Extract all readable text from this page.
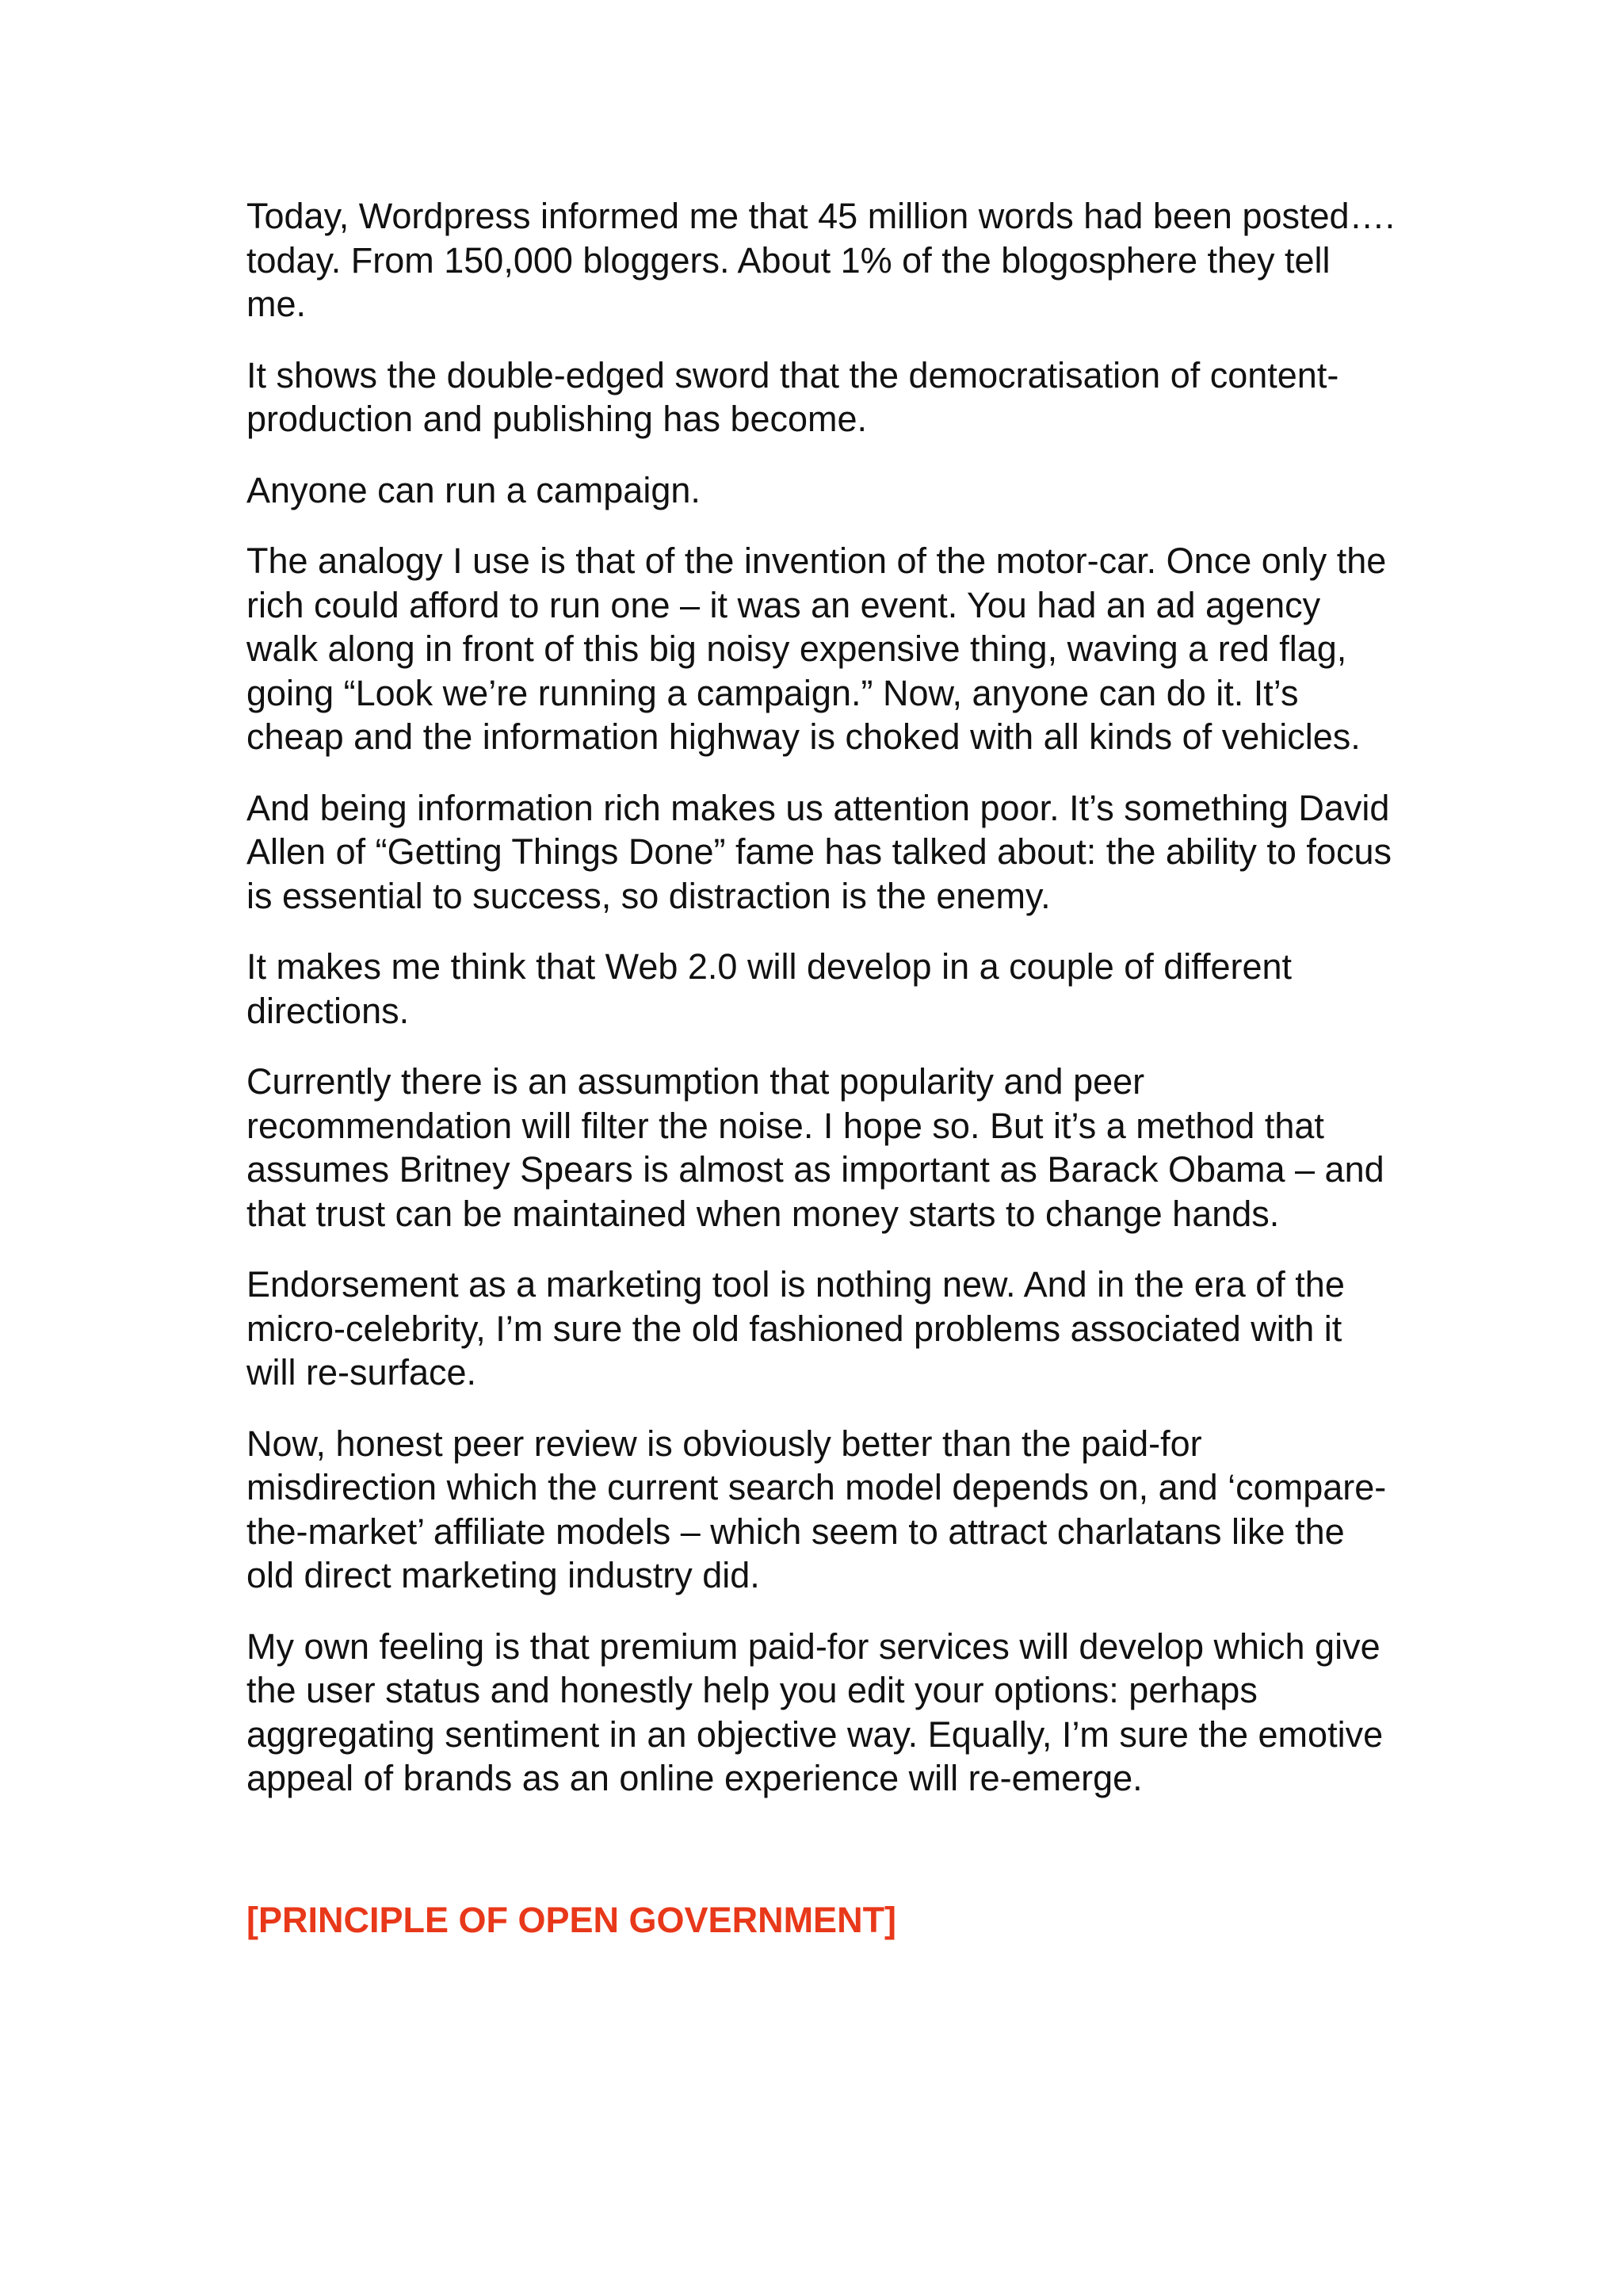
Today, Wordpress informed me that 45 million words had been posted…. today. From 150,000 bloggers. About 1% of the blogosphere they tell me.

It shows the double-edged sword that the democratisation of content-production and publishing has become.

Anyone can run a campaign.

The analogy I use is that of the invention of the motor-car. Once only the rich could afford to run one – it was an event. You had an ad agency walk along in front of this big noisy expensive thing, waving a red flag, going “Look we’re running a campaign.” Now, anyone can do it. It’s cheap and the information highway is choked with all kinds of vehicles.

And being information rich makes us attention poor. It’s something David Allen of “Getting Things Done” fame has talked about: the ability to focus is essential to success, so distraction is the enemy.

It makes me think that Web 2.0 will develop in a couple of different directions.

Currently there is an assumption that popularity and peer recommendation will filter the noise. I hope so. But it’s a method that assumes Britney Spears is almost as important as Barack Obama – and that trust can be maintained when money starts to change hands.

Endorsement as a marketing tool is nothing new. And in the era of the micro-celebrity, I’m sure the old fashioned problems associated with it will re-surface.

Now, honest peer review is obviously better than the paid-for misdirection which the current search model depends on, and ‘compare-the-market’ affiliate models – which seem to attract charlatans like the old direct marketing industry did.

My own feeling is that premium paid-for services will develop which give the user status and honestly help you edit your options: perhaps aggregating sentiment in an objective way. Equally, I’m sure the emotive appeal of brands as an online experience will re-emerge.

[PRINCIPLE OF OPEN GOVERNMENT]
